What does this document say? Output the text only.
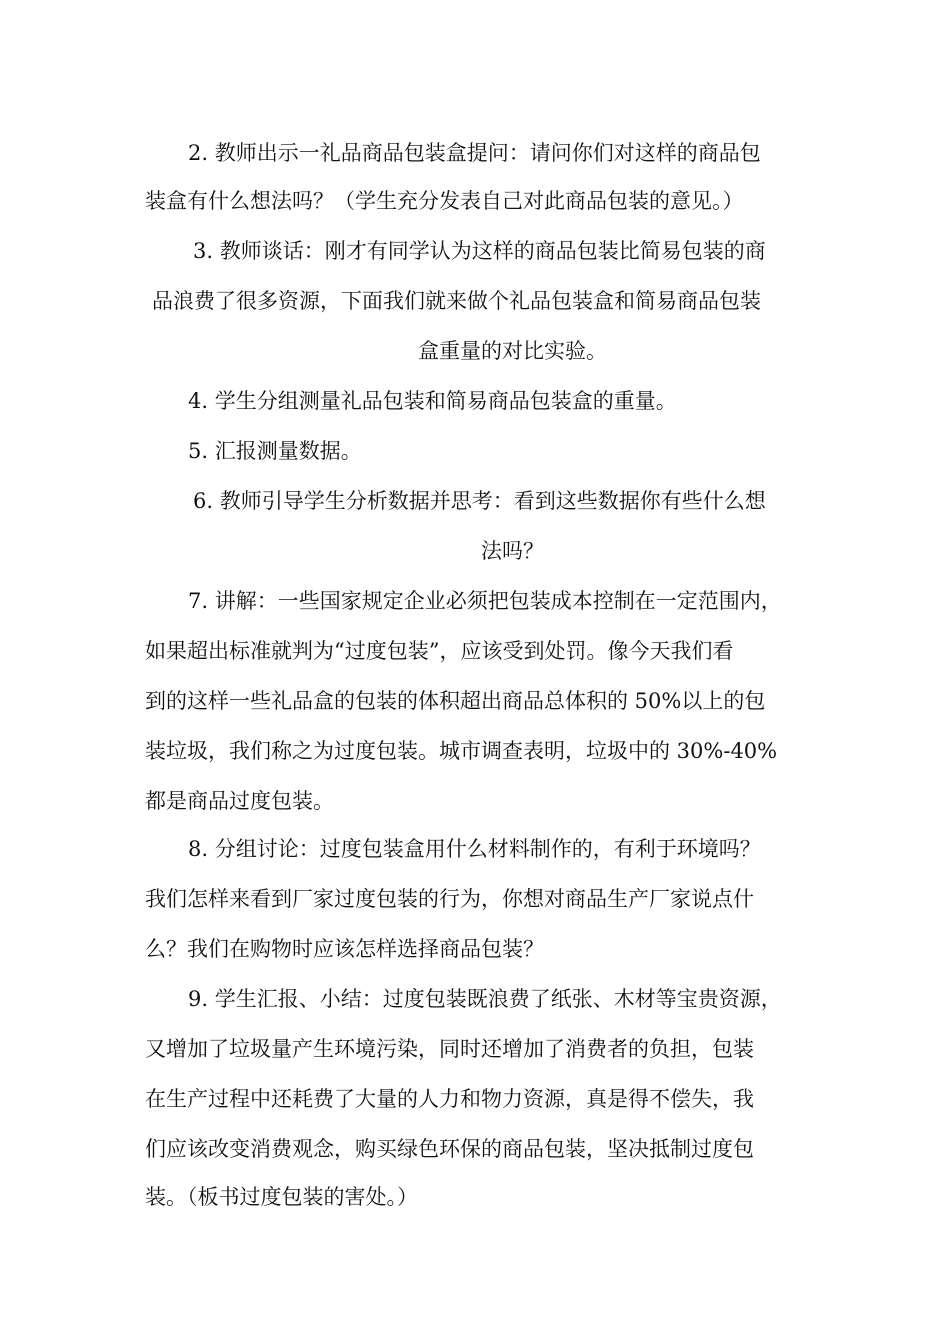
2. 教师出示一礼品商品包装盒提问：请问你们对这样的商品包
装盒有什么想法吗？（学生充分发表自己对此商品包装的意见。）
3. 教师谈话：刚才有同学认为这样的商品包装比简易包装的商
品浪费了很多资源，下面我们就来做个礼品包装盒和简易商品包装
盒重量的对比实验。
4. 学生分组测量礼品包装和简易商品包装盒的重量。
5. 汇报测量数据。
6. 教师引导学生分析数据并思考：看到这些数据你有些什么想
法吗？
7. 讲解：一些国家规定企业必须把包装成本控制在一定范围内，
如果超出标准就判为“过度包装”，应该受到处罚。像今天我们看
到的这样一些礼品盒的包装的体积超出商品总体积的 50%以上的包
装垃圾，我们称之为过度包装。城市调查表明，垃圾中的 30%-40%
都是商品过度包装。
8. 分组讨论：过度包装盒用什么材料制作的，有利于环境吗？
我们怎样来看到厂家过度包装的行为，你想对商品生产厂家说点什
么？我们在购物时应该怎样选择商品包装？
9. 学生汇报、小结：过度包装既浪费了纸张、木材等宝贵资源，
又增加了垃圾量产生环境污染，同时还增加了消费者的负担，包装
在生产过程中还耗费了大量的人力和物力资源，真是得不偿失，我
们应该改变消费观念，购买绿色环保的商品包装，坚决抵制过度包
装。（板书过度包装的害处。）
